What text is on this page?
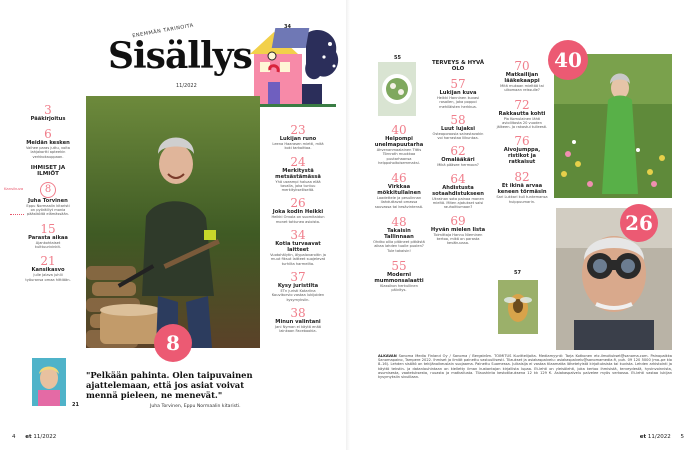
ENEMMÄN TARINOITA
Sisällys
11/2022
34
8
3
Pääkirjoitus
6
Meidän kesken
Vaihee paras juttu, voita lahjakortti apteekin verkkokauppaan.
IHMISET JA ILMIÖT
Kansikuva	8
Juha Torvinen
Eppu Normaalin kitaristi on pyöräillyt monia pääsiköitä elämässään.
15
Parasta aikaa
Ajankohtaiset kulttuurivinkit.
21
Kansikasvo
Julle Jalava juhlii työuransa omaa hittiään.
23
Lukijan runo
Leena Haarasen mietti, mitä koki tarkoittaa.
24
Merkitystä metsästämässä
Yhä useampi haluaa elää tavalla, joka tuntuu merkitykselliseltä.
26
Joka kodin Heikki
Heikki Orvola on suomitaidun monet tottunea asioista.
34
Kotia turvaavat laitteet
Vuotohälytin, älypalovaroitin ja muut fiksut laitteet suojelevat turhilta harmeilta.
37
Kysy juristilta
ETn juristi Katariina Kouvikorvio vastaa lukijoiden kysymyksiin.
38
Minun valintani
Jani Nyman ei käytä enää lainkaan Facebookia.
21
"Pelkään pahinta. Olen taipuvainen ajattelemaan, että jos asiat voivat mennä pieleen, ne menevät."
Juha Torvinen, Eppu Normaalin kitaristi.
4 et 11/2022
55
40
Helpompi unelmapuutarha
Ahvenanmaalainen Tittis Törnroth muokkaa puutarhaansa helppohoitoisemmaksi.
46
Virkkaa mökkitullainen
Laadettele ja pesulinnan ilahduttavat omassa sauvassa tai kesävintensä.
48
Takaisin Tallinnaan
Ohdko ollia pitäneet pitkästä aikaa lahden tuolle puolen? Tule takaisin!
55
Moderni mummonsalaatti
Klassikon herkullinen päivitys.
TERVEYS & HYVÄ OLO
57
Lukijan kuva
Heikki Hanninen kuvasi rosailen, joka poppoi mehiläisten herkkua.
58
Luut lujaksi
Osteoporoosia sairastavakin voi harrastaa liikuntaa.
62
Omalääkäri
Mikä pääsee hermoon?
64
Ahdistusta sotaahdistukseen
Ukrainan sota painaa monen mieltä. Miten ajatukset saisi rauhoittumaan?
69
Hyvän mielen lista
Toimittaja Hannu Nieminen kertoo, mikä on parasta keväkuussa.
57
70
Matkailijan lääkekaappi
Mitä mukaan mieltää tai ulkomaan reissulle?
72
Rakkautta kohti
Pia Komulainen lähti avioliitosta 20 vuoden jälkeen. Ja rakastui tulleesti.
76
Aivojumppa, ristikot ja ratkaisut
82
Et ikinä arvaa keneen törmäsin
Sari Lukkari kuli tuntemansa huippuumarin.
40
26
ALKAVAN Sanoma Media Finland Oy / Sanoma / Bergström. TOIMITUS Kuvittelijoita. Mediamyynti: Tarja Kotkonen etc.ilmoitukset@sanoma.com. Painopaikka Sanomapaino, Tampere 2022. Ihmiset ja ilmiöt painettu vastuullisesti. Tilaukset ja asiakaspalvelu: asiakaspalvelu@sanomamedia.fi, puh. 09 120 5000 (ma–pe klo 8–16). Lehden sisältö on tekijänoikeuslain suojaama. Painettu Suomessa. Julkaisija ei vastaa tilaamatta lähetetyistä kirjoituksista tai kuvista. Lehden arkistointi ja käyttö tekstin- ja datanlouhintaan on kielletty ilman kustantajan kirjallista lupaa. Et-lehti on yleisölehti, joka kertoo ihmisistä, terveydestä, hyvinvoinnista, asumisesta, vaatetuksesta, ruuasta ja matkailusta. Tilaushinta kestotilauksena 12 kk 129 €. Asiakaspalvelu palvelee myös verkossa. Et-lehti vastaa lukijan kysymyksiin sivuillaan.
et 11/2022 5
